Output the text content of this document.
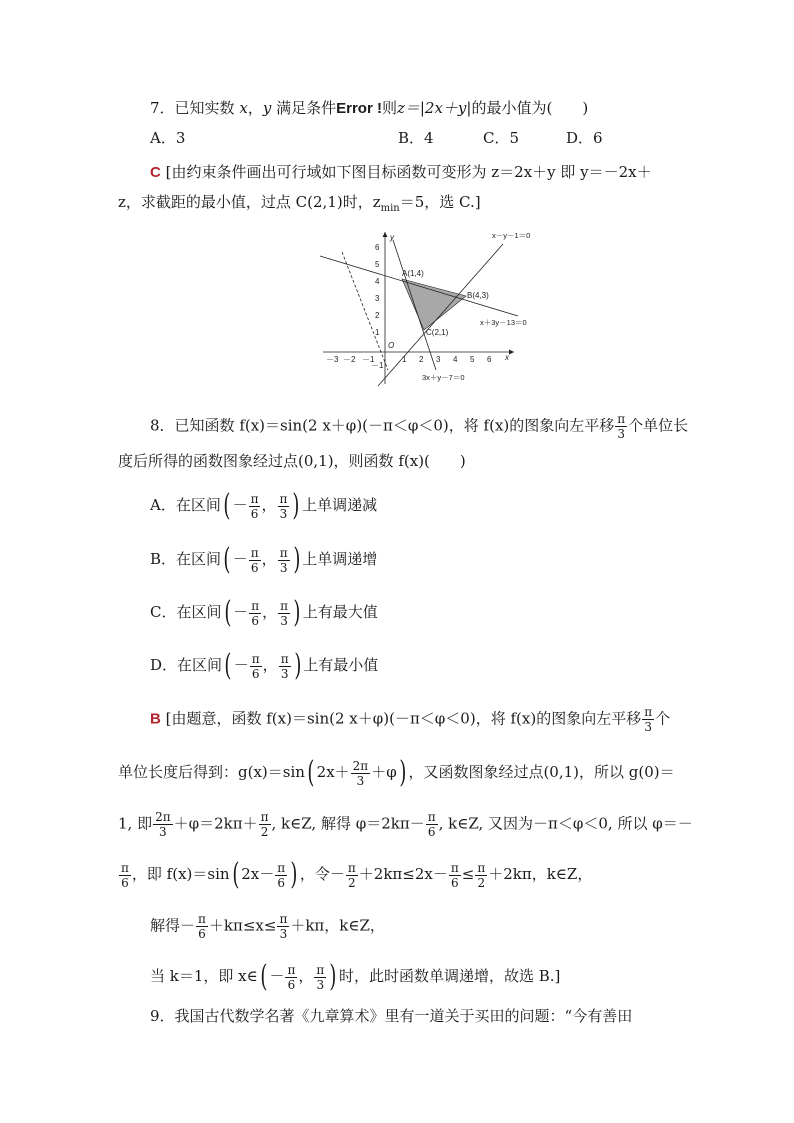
7．已知实数 x，y 满足条件Error !则z＝|2x＋y|的最小值为(　　)
A．3	B．4	C．5	D．6
C [由约束条件画出可行域如下图目标函数可变形为 z＝2x＋y 即 y＝－2x＋
z，求截距的最小值，过点 C(2,1)时，$z_{min}=5$，选 C.]
－3 －2 －1	1 2 3 4 5 6 x
y
6
5
4
3
2
1
－1
O
A(1,4)
B(4,3)
C(2,1)
x－y－1＝0
x＋3y－13＝0
3x＋y－7＝0
8．已知函数 f(x)＝sin(2 x＋φ)(－π＜φ＜0)，将 f(x)的图象向左平移 $\frac{\pi}{3}$ 个单位长
度后所得的函数图象经过点(0,1)，则函数 f(x)(　　)
A．在区间( － $\frac{\pi}{6}$ ， $\frac{\pi}{3}$ ) 上单调递减
B．在区间( － $\frac{\pi}{6}$ ， $\frac{\pi}{3}$ ) 上单调递增
C．在区间( － $\frac{\pi}{6}$ ， $\frac{\pi}{3}$ ) 上有最大值
D．在区间( － $\frac{\pi}{6}$ ， $\frac{\pi}{3}$ ) 上有最小值
B [由题意，函数 f(x)＝sin(2 x＋φ)(－π＜φ＜0)，将 f(x)的图象向左平移 $\frac{\pi}{3}$ 个
单位长度后得到：g(x)＝sin( $2x+ \frac{2\pi}{3} +\varphi$) ，又函数图象经过点(0,1)，所以 g(0)＝
1, 即 $\frac{2\pi}{3} +\varphi=2k\pi+ \frac{\pi}{2}$ , k∈Z, 解得 $\varphi=2k\pi- \frac{\pi}{6}$ , k∈Z, 又因为－π＜φ＜0, 所以 φ＝－
$\frac{\pi}{6}$ ，即 f(x)＝sin( $2x- \frac{\pi}{6}$ ) ，令－ $\frac{\pi}{2} +2k\pi\le 2x- \frac{\pi}{6} \le \frac{\pi}{2} +2k\pi$，k∈Z，
解得－ $\frac{\pi}{6} +k\pi\le x\le \frac{\pi}{3} +k\pi$，k∈Z，
当 k＝1，即 x∈( － $\frac{\pi}{6}$ ， $\frac{\pi}{3}$ ) 时，此时函数单调递增，故选 B.]
9．我国古代数学名著《九章算术》里有一道关于买田的问题：“今有善田
